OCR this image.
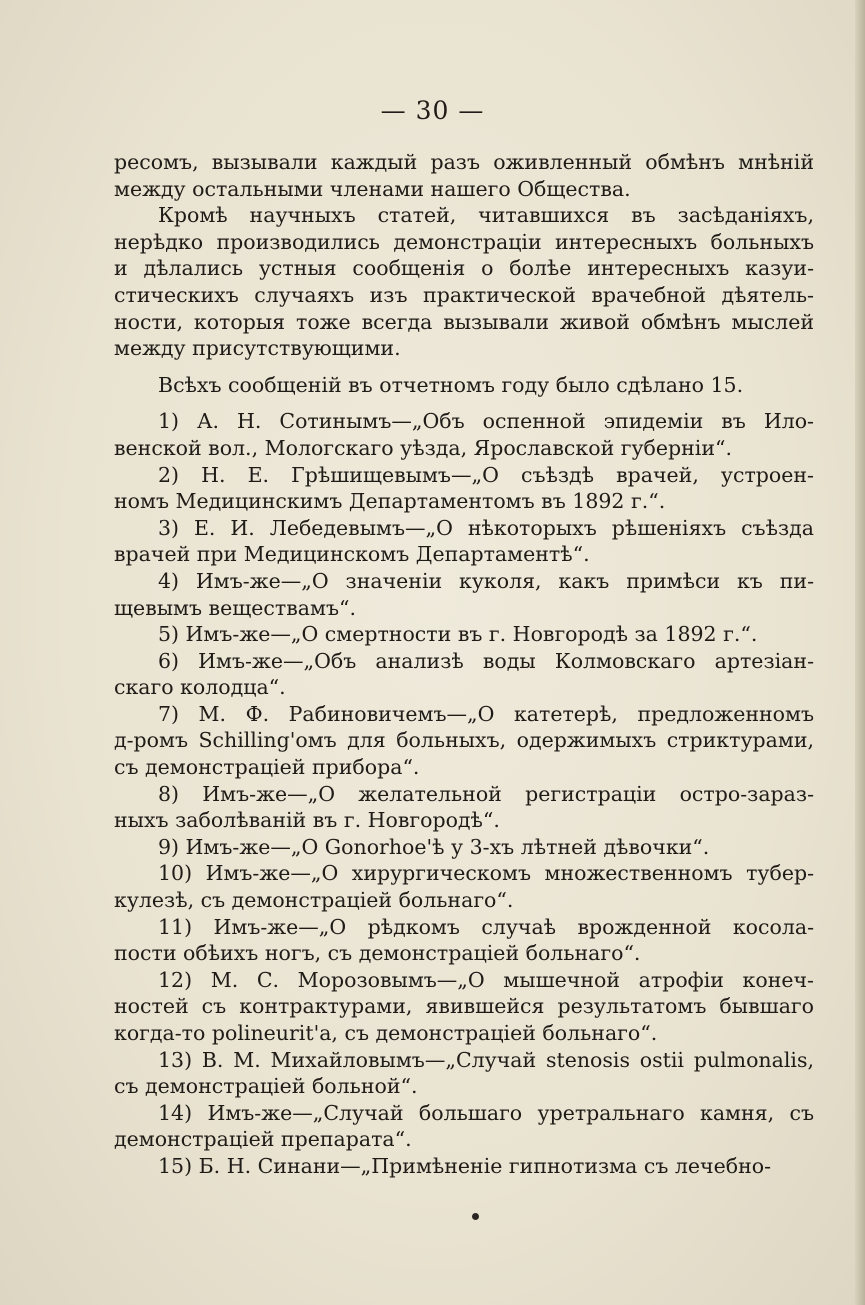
— 30 —

ресомъ, вызывали каждый разъ оживленный обмѣнъ мнѣній
между остальными членами нашего Общества.
Кромѣ научныхъ статей, читавшихся въ засѣданіяхъ,
нерѣдко производились демонстраціи интересныхъ больныхъ
и дѣлались устныя сообщенія о болѣе интересныхъ казуи-
стическихъ случаяхъ изъ практической врачебной дѣятель-
ности, которыя тоже всегда вызывали живой обмѣнъ мыслей
между присутствующими.
Всѣхъ сообщеній въ отчетномъ году было сдѣлано 15.
1) А. Н. Сотинымъ—„Объ оспенной эпидеміи въ Ило-
венской вол., Мологскаго уѣзда, Ярославской губерніи“.
2) Н. Е. Грѣшищевымъ—„О съѣздѣ врачей, устроен-
номъ Медицинскимъ Департаментомъ въ 1892 г.“.
3) Е. И. Лебедевымъ—„О нѣкоторыхъ рѣшеніяхъ съѣзда
врачей при Медицинскомъ Департаментѣ“.
4) Имъ-же—„О значеніи куколя, какъ примѣси къ пи-
щевымъ веществамъ“.
5) Имъ-же—„О смертности въ г. Новгородѣ за 1892 г.“.
6) Имъ-же—„Объ анализѣ воды Колмовскаго артезіан-
скаго колодца“.
7) М. Ф. Рабиновичемъ—„О катетерѣ, предложенномъ
д-ромъ Schilling'омъ для больныхъ, одержимыхъ стриктурами,
съ демонстраціей прибора“.
8) Имъ-же—„О желательной регистраціи остро-зараз-
ныхъ заболѣваній въ г. Новгородѣ“.
9) Имъ-же—„О Gonorhoe'ѣ у 3-хъ лѣтней дѣвочки“.
10) Имъ-же—„О хирургическомъ множественномъ тубер-
кулезѣ, съ демонстраціей больнаго“.
11) Имъ-же—„О рѣдкомъ случаѣ врожденной косола-
пости обѣихъ ногъ, съ демонстраціей больнаго“.
12) М. С. Морозовымъ—„О мышечной атрофіи конеч-
ностей съ контрактурами, явившейся результатомъ бывшаго
когда-то polineurit'а, съ демонстраціей больнаго“.
13) В. М. Михайловымъ—„Случай stenosis ostii pulmonalis,
съ демонстраціей больной“.
14) Имъ-же—„Случай большаго уретральнаго камня, съ
демонстраціей препарата“.
15) Б. Н. Синани—„Примѣненіе гипнотизма съ лечебно-
